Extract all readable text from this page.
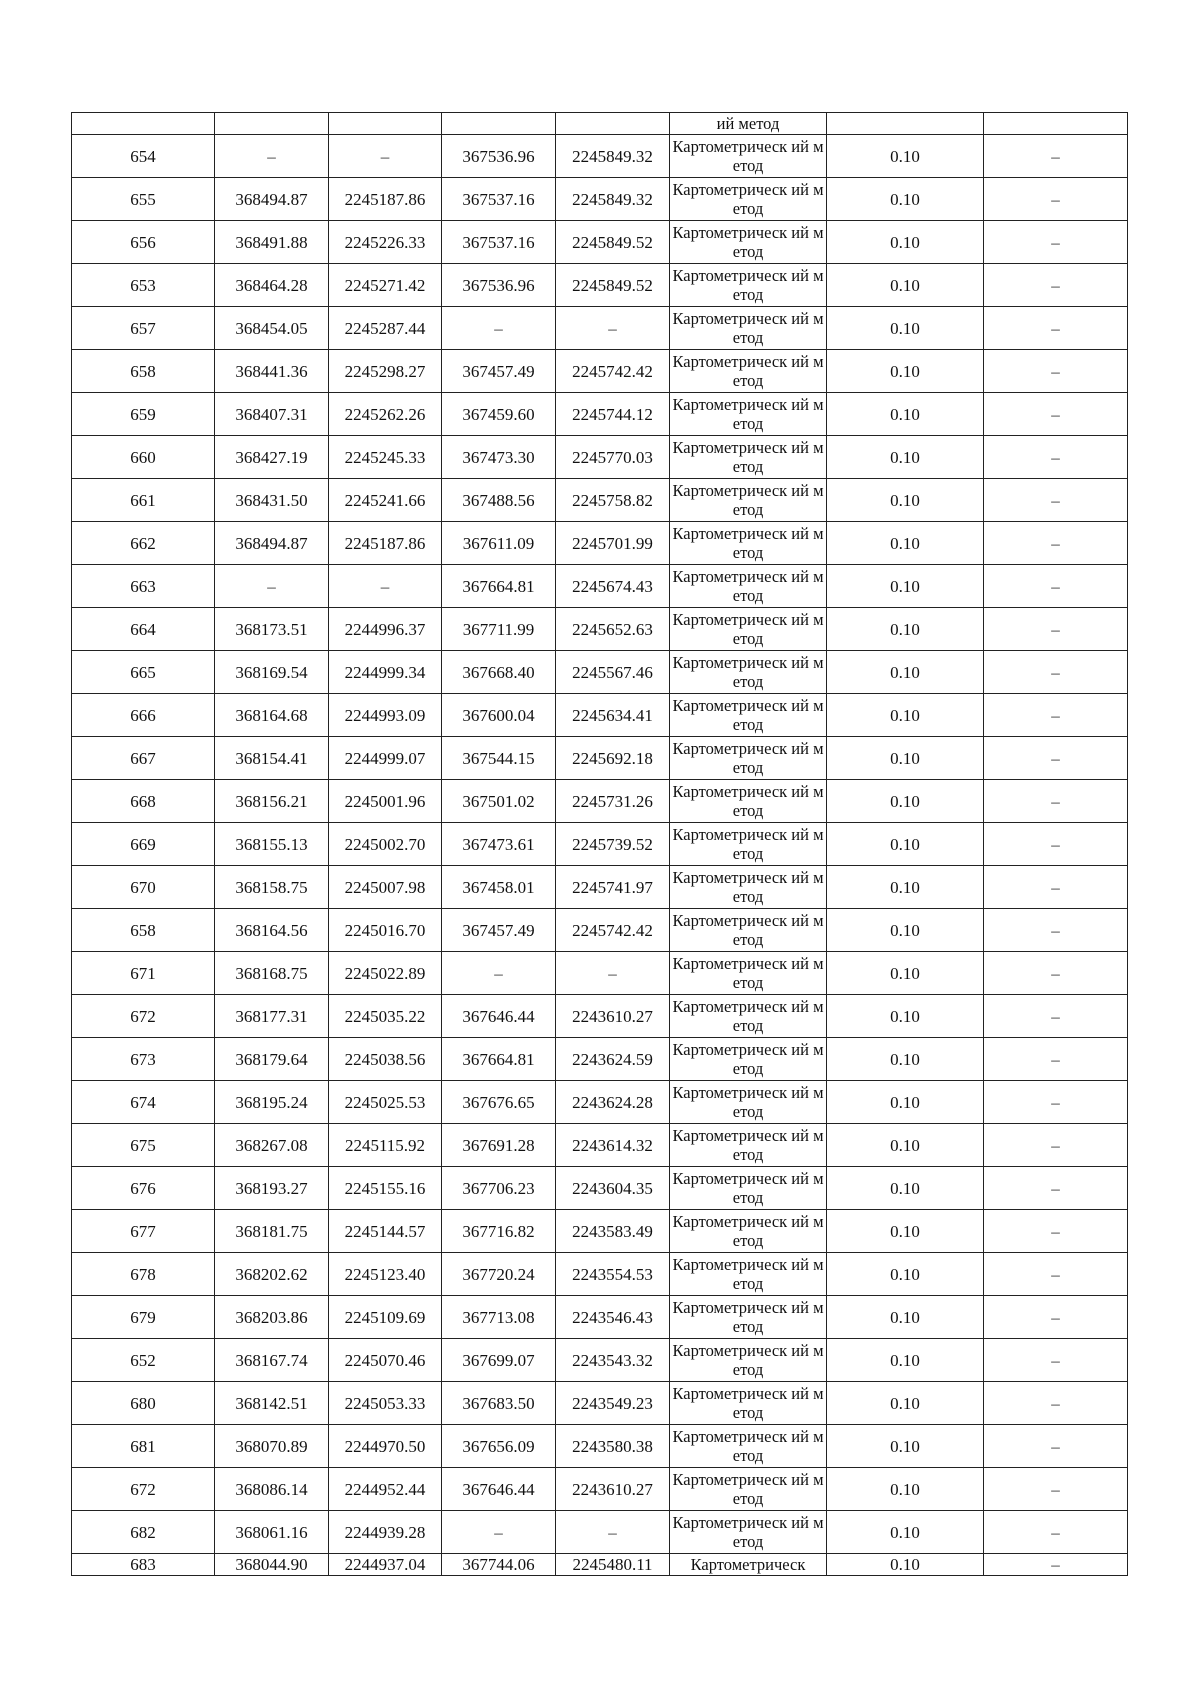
					ий метод		
654	–	–	367536.96	2245849.32	Картометрическ ий метод	0.10	–
655	368494.87	2245187.86	367537.16	2245849.32	Картометрическ ий метод	0.10	–
656	368491.88	2245226.33	367537.16	2245849.52	Картометрическ ий метод	0.10	–
653	368464.28	2245271.42	367536.96	2245849.52	Картометрическ ий метод	0.10	–
657	368454.05	2245287.44	–	–	Картометрическ ий метод	0.10	–
658	368441.36	2245298.27	367457.49	2245742.42	Картометрическ ий метод	0.10	–
659	368407.31	2245262.26	367459.60	2245744.12	Картометрическ ий метод	0.10	–
660	368427.19	2245245.33	367473.30	2245770.03	Картометрическ ий метод	0.10	–
661	368431.50	2245241.66	367488.56	2245758.82	Картометрическ ий метод	0.10	–
662	368494.87	2245187.86	367611.09	2245701.99	Картометрическ ий метод	0.10	–
663	–	–	367664.81	2245674.43	Картометрическ ий метод	0.10	–
664	368173.51	2244996.37	367711.99	2245652.63	Картометрическ ий метод	0.10	–
665	368169.54	2244999.34	367668.40	2245567.46	Картометрическ ий метод	0.10	–
666	368164.68	2244993.09	367600.04	2245634.41	Картометрическ ий метод	0.10	–
667	368154.41	2244999.07	367544.15	2245692.18	Картометрическ ий метод	0.10	–
668	368156.21	2245001.96	367501.02	2245731.26	Картометрическ ий метод	0.10	–
669	368155.13	2245002.70	367473.61	2245739.52	Картометрическ ий метод	0.10	–
670	368158.75	2245007.98	367458.01	2245741.97	Картометрическ ий метод	0.10	–
658	368164.56	2245016.70	367457.49	2245742.42	Картометрическ ий метод	0.10	–
671	368168.75	2245022.89	–	–	Картометрическ ий метод	0.10	–
672	368177.31	2245035.22	367646.44	2243610.27	Картометрическ ий метод	0.10	–
673	368179.64	2245038.56	367664.81	2243624.59	Картометрическ ий метод	0.10	–
674	368195.24	2245025.53	367676.65	2243624.28	Картометрическ ий метод	0.10	–
675	368267.08	2245115.92	367691.28	2243614.32	Картометрическ ий метод	0.10	–
676	368193.27	2245155.16	367706.23	2243604.35	Картометрическ ий метод	0.10	–
677	368181.75	2245144.57	367716.82	2243583.49	Картометрическ ий метод	0.10	–
678	368202.62	2245123.40	367720.24	2243554.53	Картометрическ ий метод	0.10	–
679	368203.86	2245109.69	367713.08	2243546.43	Картометрическ ий метод	0.10	–
652	368167.74	2245070.46	367699.07	2243543.32	Картометрическ ий метод	0.10	–
680	368142.51	2245053.33	367683.50	2243549.23	Картометрическ ий метод	0.10	–
681	368070.89	2244970.50	367656.09	2243580.38	Картометрическ ий метод	0.10	–
672	368086.14	2244952.44	367646.44	2243610.27	Картометрическ ий метод	0.10	–
682	368061.16	2244939.28	–	–	Картометрическ ий метод	0.10	–
683	368044.90	2244937.04	367744.06	2245480.11	Картометрическ	0.10	–
